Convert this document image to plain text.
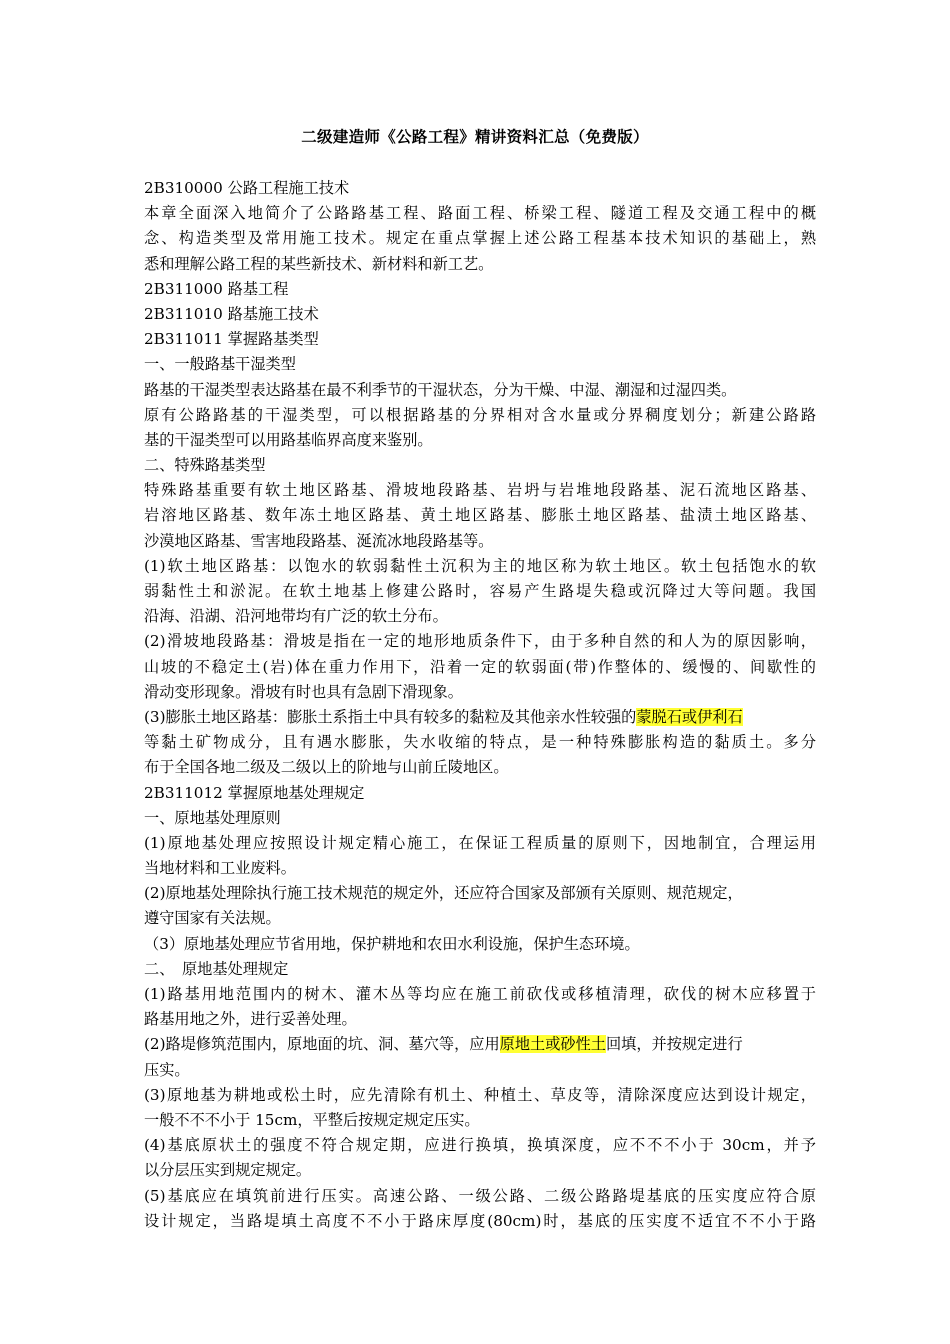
二级建造师《公路工程》精讲资料汇总（免费版）
2B310000 公路工程施工技术
本章全面深入地简介了公路路基工程、路面工程、桥梁工程、隧道工程及交通工程中的概
念、构造类型及常用施工技术。规定在重点掌握上述公路工程基本技术知识的基础上，熟
悉和理解公路工程的某些新技术、新材料和新工艺。
2B311000 路基工程
2B311010 路基施工技术
2B311011 掌握路基类型
一、一般路基干湿类型
路基的干湿类型表达路基在最不利季节的干湿状态，分为干燥、中湿、潮湿和过湿四类。
原有公路路基的干湿类型，可以根据路基的分界相对含水量或分界稠度划分；新建公路路
基的干湿类型可以用路基临界高度来鉴别。
二、特殊路基类型
特殊路基重要有软土地区路基、滑坡地段路基、岩坍与岩堆地段路基、泥石流地区路基、
岩溶地区路基、数年冻土地区路基、黄土地区路基、膨胀土地区路基、盐渍土地区路基、
沙漠地区路基、雪害地段路基、涎流冰地段路基等。
(1)软土地区路基：以饱水的软弱黏性土沉积为主的地区称为软土地区。软土包括饱水的软
弱黏性土和淤泥。在软土地基上修建公路时，容易产生路堤失稳或沉降过大等问题。我国
沿海、沿湖、沿河地带均有广泛的软土分布。
(2)滑坡地段路基：滑坡是指在一定的地形地质条件下，由于多种自然的和人为的原因影响，
山坡的不稳定土(岩)体在重力作用下，沿着一定的软弱面(带)作整体的、缓慢的、间歇性的
滑动变形现象。滑坡有时也具有急剧下滑现象。
(3)膨胀土地区路基：膨胀土系指土中具有较多的黏粒及其他亲水性较强的蒙脱石或伊利石
等黏土矿物成分，且有遇水膨胀，失水收缩的特点，是一种特殊膨胀构造的黏质土。多分
布于全国各地二级及二级以上的阶地与山前丘陵地区。
2B311012 掌握原地基处理规定
一、原地基处理原则
(1)原地基处理应按照设计规定精心施工，在保证工程质量的原则下，因地制宜，合理运用
当地材料和工业废料。
(2)原地基处理除执行施工技术规范的规定外，还应符合国家及部颁有关原则、规范规定，
遵守国家有关法规。
（3）原地基处理应节省用地，保护耕地和农田水利设施，保护生态环境。
二、　原地基处理规定
(1)路基用地范围内的树木、灌木丛等均应在施工前砍伐或移植清理，砍伐的树木应移置于
路基用地之外，进行妥善处理。
(2)路堤修筑范围内，原地面的坑、洞、墓穴等，应用原地土或砂性土回填，并按规定进行
压实。
(3)原地基为耕地或松土时，应先清除有机土、种植土、草皮等，清除深度应达到设计规定，
一般不不不小于 15cm，平整后按规定规定压实。
(4)基底原状土的强度不符合规定期，应进行换填，换填深度，应不不不小于 30cm，并予
以分层压实到规定规定。
(5)基底应在填筑前进行压实。高速公路、一级公路、二级公路路堤基底的压实度应符合原
设计规定，当路堤填土高度不不小于路床厚度(80cm)时，基底的压实度不适宜不不小于路
